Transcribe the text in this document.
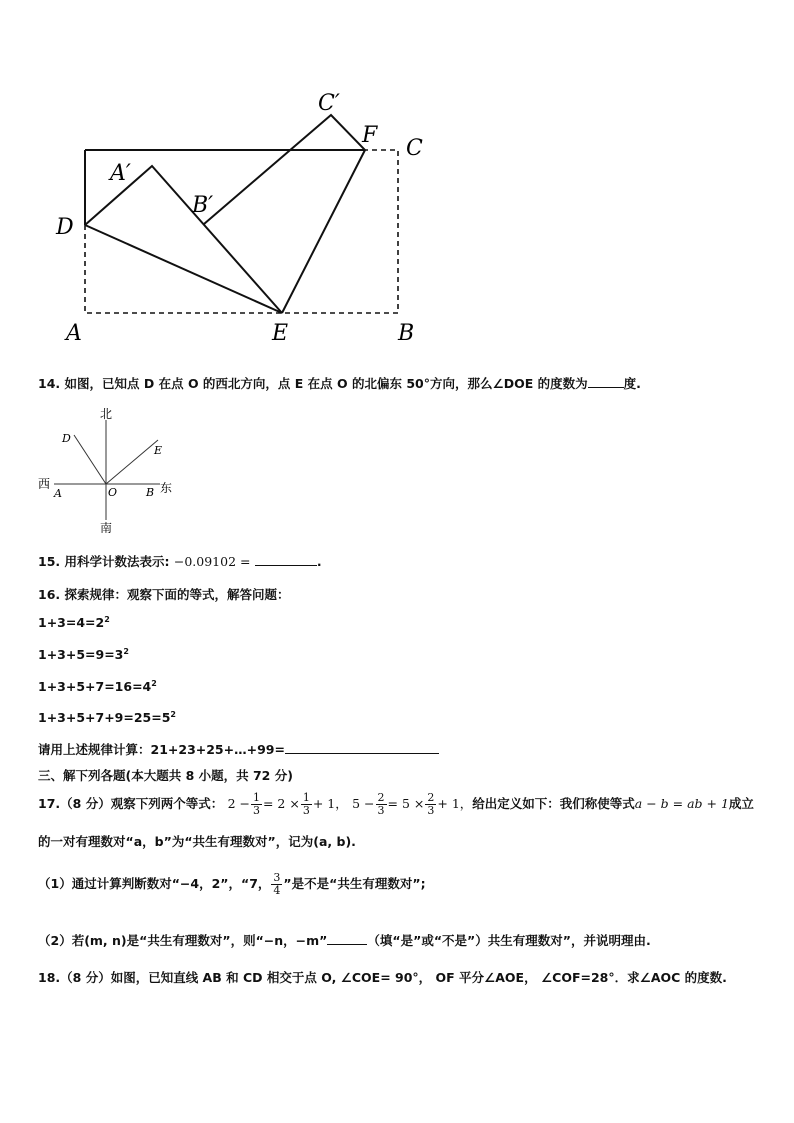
C′
F
C
A′
B′
D
A	E	B
14. 如图，已知点 D 在点 O 的西北方向，点 E 在点 O 的北偏东 50°方向，那么∠DOE 的度数为	度.
北
南
西	东
D
E
A	O	B
15. 用科学计数法表示: −0.09102 =	.
16. 探索规律：观察下面的等式，解答问题：
$1+3=4=2^2$
$1+3+5=9=3^2$
$1+3+5+7=16=4^2$
$1+3+5+7+9=25=5^2$
请用上述规律计算：21+23+25+…+99=
三、解下列各题(本大题共 8 小题，共 72 分)
17.（8 分）观察下列两个等式： $2 - \frac{1}{3} = 2 \times \frac{1}{3} + 1$， $5 - \frac{2}{3} = 5 \times \frac{2}{3} + 1$，给出定义如下：我们称使等式a − b = ab + 1成立
的一对有理数对“a，b”为“共生有理数对”，记为(a, b).
（1）通过计算判断数对“−4，2”，“7， $\frac{3}{4}$ ”是不是“共生有理数对”;
（2）若(m, n)是“共生有理数对”，则“−n，−m”	（填“是”或“不是”）共生有理数对”，并说明理由.
18.（8 分）如图，已知直线 AB 和 CD 相交于点 O, ∠COE= 90°， OF 平分∠AOE， ∠COF=28°．求∠AOC 的度数.
